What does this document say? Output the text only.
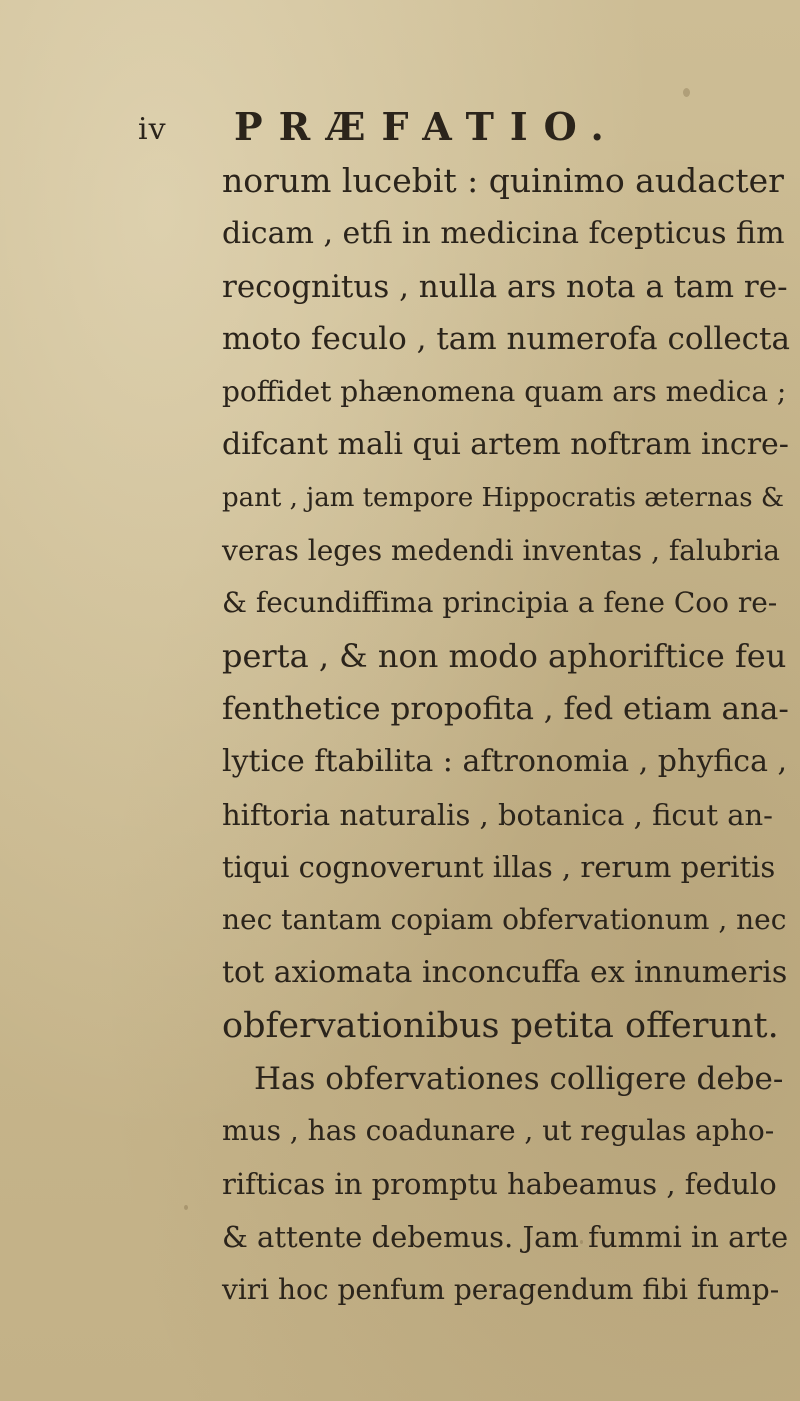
iv PRÆFATIO.
norum lucebit : quinimo audacter
dicam , etfi in medicina fcepticus fim
recognitus , nulla ars nota a tam re-
moto feculo , tam numerofa collecta
poffidet phænomena quam ars medica ;
difcant mali qui artem noftram incre-
pant , jam tempore Hippocratis æternas &
veras leges medendi inventas , falubria
& fecundiffima principia a fene Coo re-
perta , & non modo aphoriftice feu
fenthetice propofita , fed etiam ana-
lytice ftabilita : aftronomia , phyfica ,
hiftoria naturalis , botanica , ficut an-
tiqui cognoverunt illas , rerum peritis
nec tantam copiam obfervationum , nec
tot axiomata inconcuffa ex innumeris
obfervationibus petita offerunt.
Has obfervationes colligere debe-
mus , has coadunare , ut regulas apho-
rifticas in promptu habeamus , fedulo
& attente debemus. Jam fummi in arte
viri hoc penfum peragendum fibi fump-
